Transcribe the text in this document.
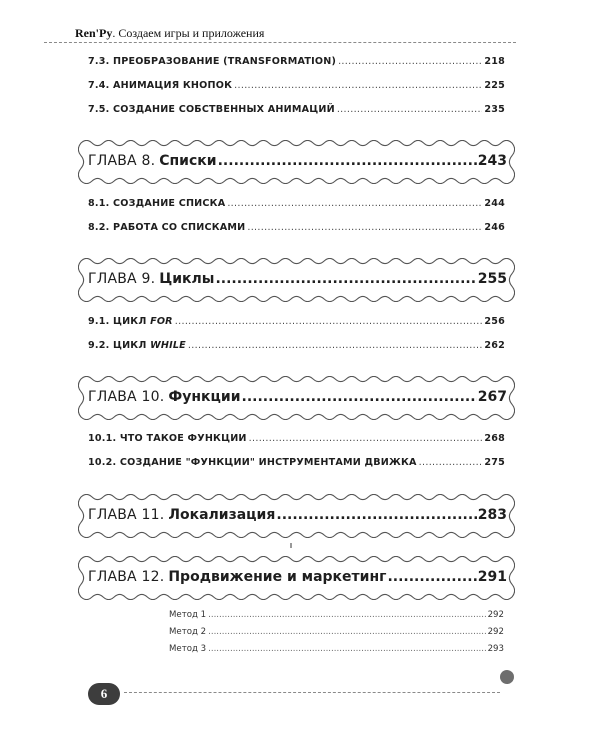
Ren'Py. Создаем игры и приложения
7.3. ПРЕОБРАЗОВАНИЕ (TRANSFORMATION) .....	218
7.4. АНИМАЦИЯ КНОПОК .....	225
7.5. СОЗДАНИЕ СОБСТВЕННЫХ АНИМАЦИЙ .....	235
ГЛАВА 8. Списки .....	243
8.1. СОЗДАНИЕ СПИСКА .....	244
8.2. РАБОТА СО СПИСКАМИ .....	246
ГЛАВА 9. Циклы .....	255
9.1. ЦИКЛ FOR .....	256
9.2. ЦИКЛ WHILE .....	262
ГЛАВА 10. Функции .....	267
10.1. ЧТО ТАКОЕ ФУНКЦИИ .....	268
10.2. СОЗДАНИЕ "ФУНКЦИИ" ИНСТРУМЕНТАМИ ДВИЖКА .....	275
ГЛАВА 11. Локализация .....	283
ГЛАВА 12. Продвижение и маркетинг .....	291
Метод 1 .....	292
Метод 2 .....	292
Метод 3 .....	293
6
